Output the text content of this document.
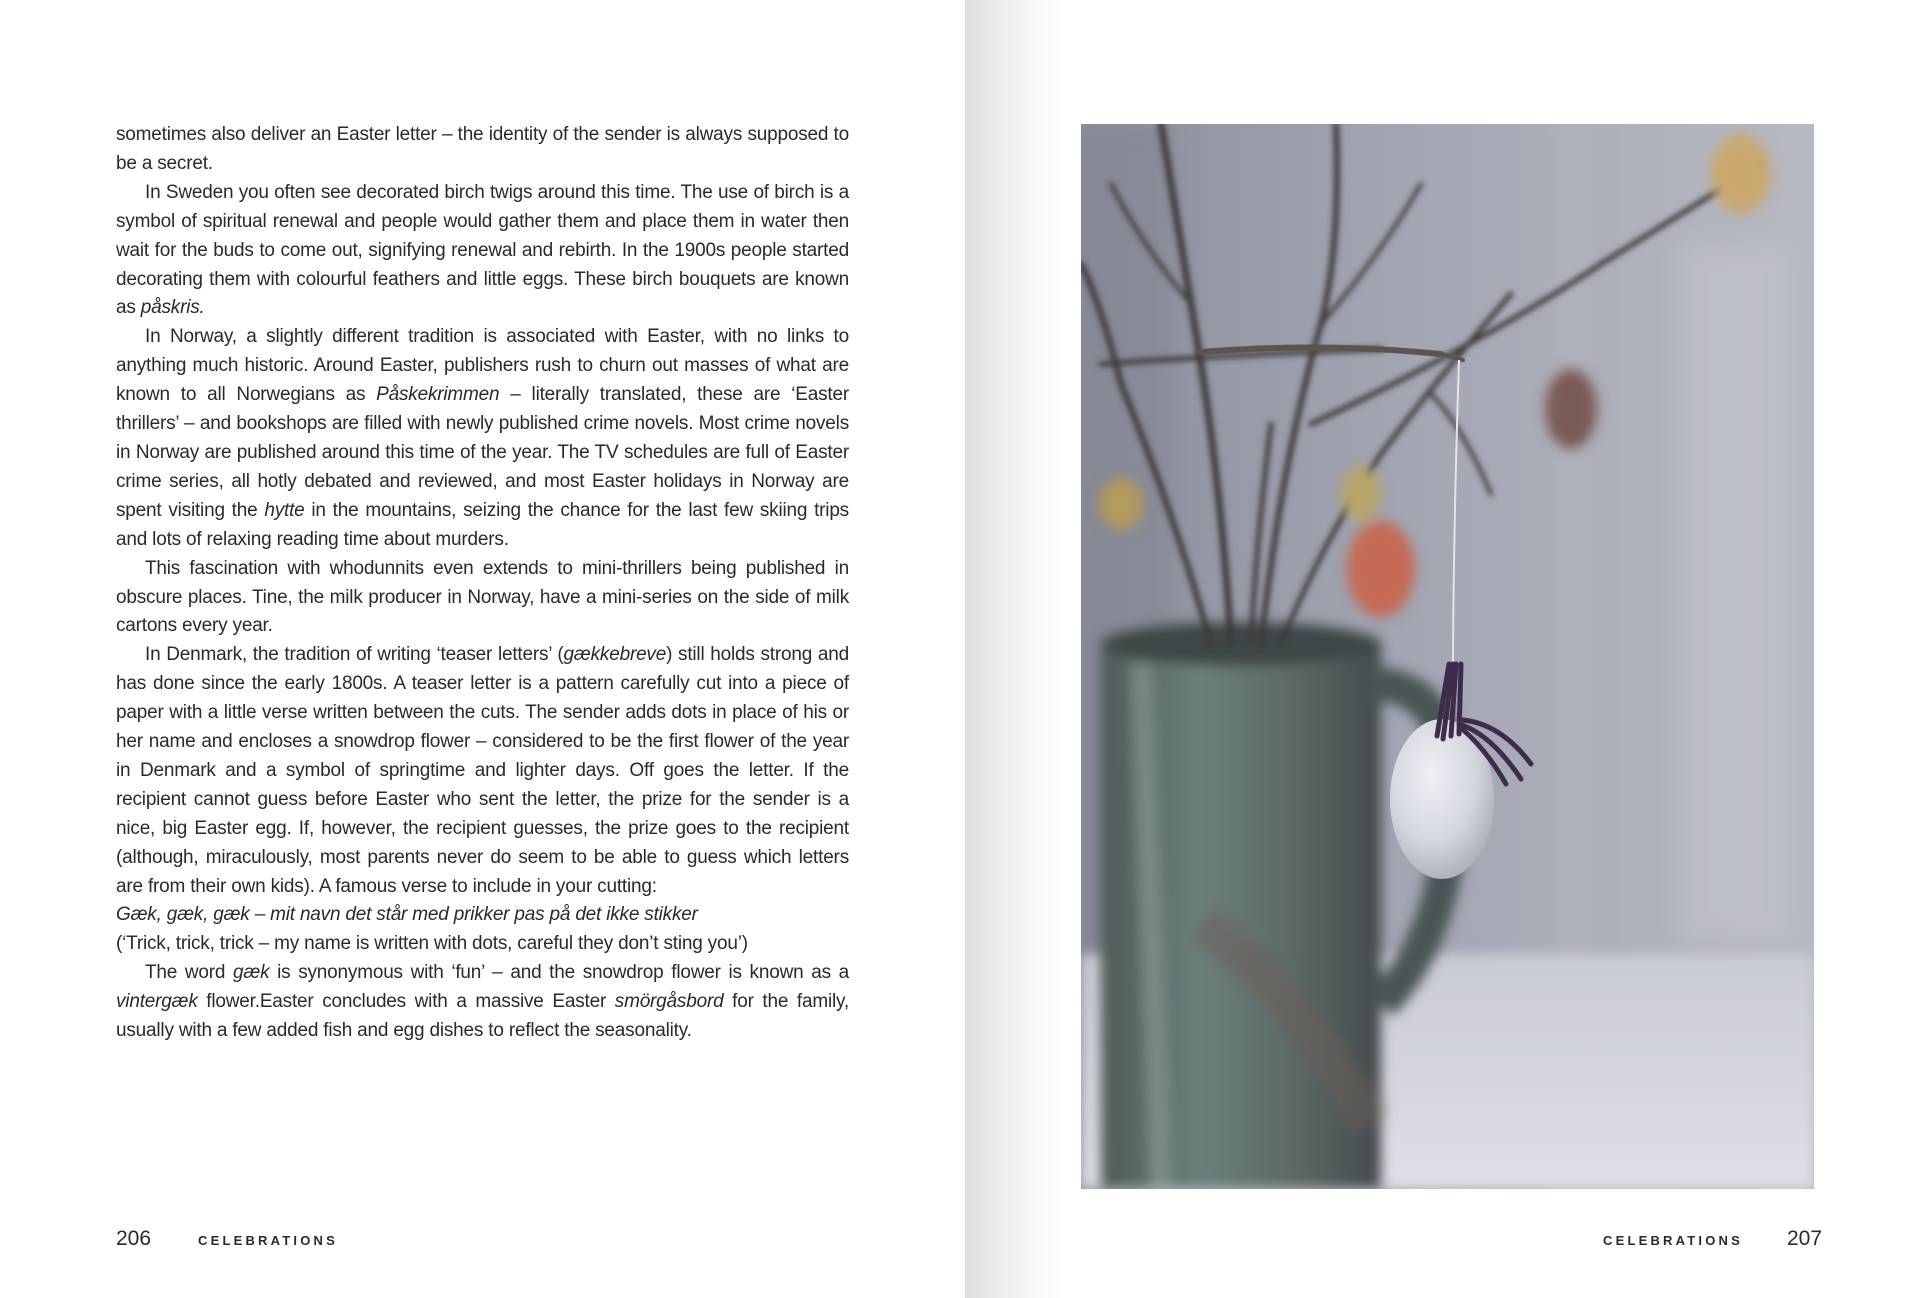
sometimes also deliver an Easter letter – the identity of the sender is always supposed to be a secret.

In Sweden you often see decorated birch twigs around this time. The use of birch is a symbol of spiritual renewal and people would gather them and place them in water then wait for the buds to come out, signifying renewal and rebirth. In the 1900s people started decorating them with colourful feathers and little eggs. These birch bouquets are known as påskris.

In Norway, a slightly different tradition is associated with Easter, with no links to anything much historic. Around Easter, publishers rush to churn out masses of what are known to all Norwegians as Påskekrimmen – literally translated, these are ‘Easter thrillers’ – and bookshops are filled with newly published crime novels. Most crime novels in Norway are published around this time of the year. The TV schedules are full of Easter crime series, all hotly debated and reviewed, and most Easter holidays in Norway are spent visiting the hytte in the mountains, seizing the chance for the last few skiing trips and lots of relaxing reading time about murders.

This fascination with whodunnits even extends to mini-thrillers being published in obscure places. Tine, the milk producer in Norway, have a mini-series on the side of milk cartons every year.

In Denmark, the tradition of writing ‘teaser letters’ (gækkebreve) still holds strong and has done since the early 1800s. A teaser letter is a pattern carefully cut into a piece of paper with a little verse written between the cuts. The sender adds dots in place of his or her name and encloses a snowdrop flower – considered to be the first flower of the year in Denmark and a symbol of springtime and lighter days. Off goes the letter. If the recipient cannot guess before Easter who sent the letter, the prize for the sender is a nice, big Easter egg. If, however, the recipient guesses, the prize goes to the recipient (although, miraculously, most parents never do seem to be able to guess which letters are from their own kids). A famous verse to include in your cutting:

Gæk, gæk, gæk – mit navn det står med prikker pas på det ikke stikker

(‘Trick, trick, trick – my name is written with dots, careful they don’t sting you’)

The word gæk is synonymous with ‘fun’ – and the snowdrop flower is known as a vintergæk flower.Easter concludes with a massive Easter smörgåsbord for the family, usually with a few added fish and egg dishes to reflect the seasonality.

206	CELEBRATIONS	CELEBRATIONS 207
